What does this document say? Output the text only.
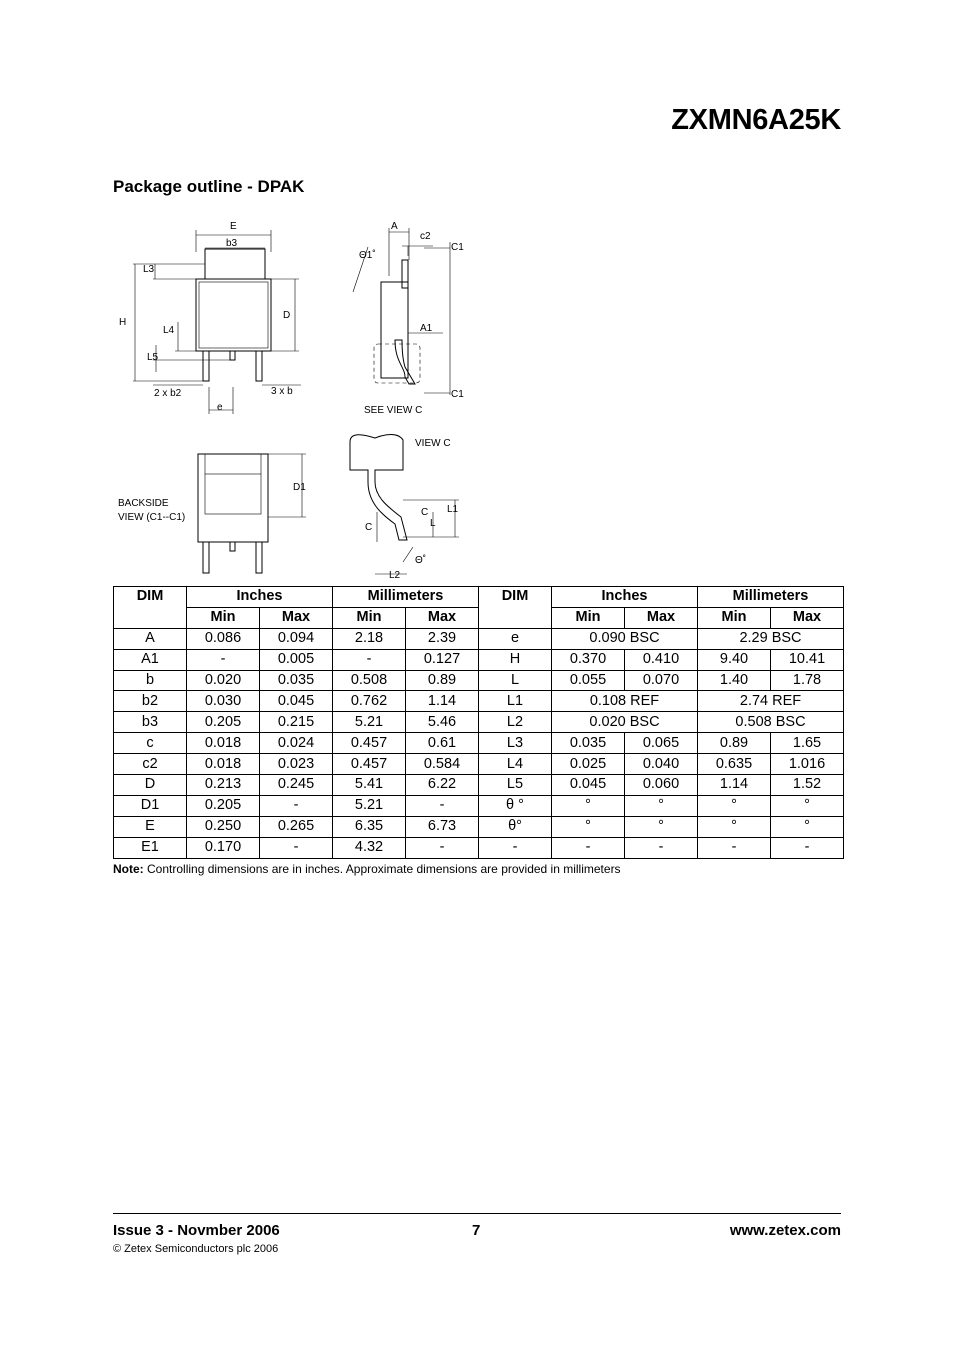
ZXMN6A25K
Package outline - DPAK
E
b3
L3
H
L4
L5
D
2 x b2
e
3 x b
A
c2
Θ1˚
C1
A1
C1
SEE VIEW C
BACKSIDE
VIEW (C1--C1)
D1
VIEW C
C
C	L
L1
L2
Θ˚
DIM	Inches		Millimeters		DIM	Inches		Millimeters	
	Min	Max	Min	Max		Min	Max	Min	Max
A	0.086	0.094	2.18	2.39	e	0.090 BSC		2.29 BSC	
A1	-	0.005	-	0.127	H	0.370	0.410	9.40	10.41
b	0.020	0.035	0.508	0.89	L	0.055	0.070	1.40	1.78
b2	0.030	0.045	0.762	1.14	L1	0.108 REF		2.74 REF	
b3	0.205	0.215	5.21	5.46	L2	0.020 BSC		0.508 BSC	
c	0.018	0.024	0.457	0.61	L3	0.035	0.065	0.89	1.65
c2	0.018	0.023	0.457	0.584	L4	0.025	0.040	0.635	1.016
D	0.213	0.245	5.41	6.22	L5	0.045	0.060	1.14	1.52
D1	0.205	-	5.21	-	θ °	°	°	°	°
E	0.250	0.265	6.35	6.73	θ°	°	°	°	°
E1	0.170	-	4.32	-	-	-	-	-	-
Note: Controlling dimensions are in inches. Approximate dimensions are provided in millimeters
Issue 3 - Novmber 2006	7	www.zetex.com
© Zetex Semiconductors plc 2006
